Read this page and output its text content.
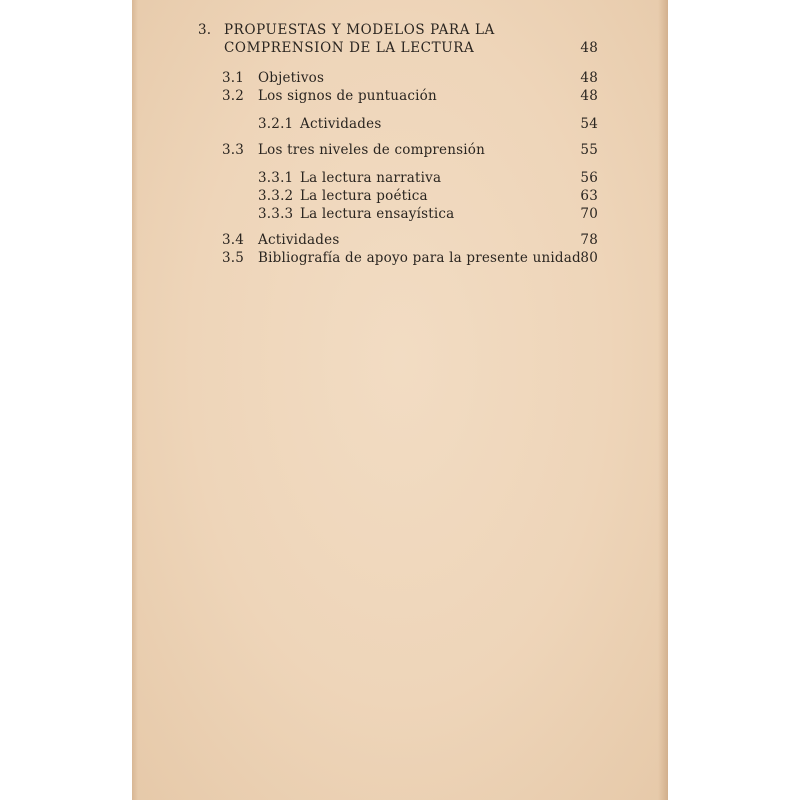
3. PROPUESTAS Y MODELOS PARA LA
COMPRENSION DE LA LECTURA	48
3.1 Objetivos	48
3.2 Los signos de puntuación	48
3.2.1 Actividades	54
3.3 Los tres niveles de comprensión	55
3.3.1 La lectura narrativa	56
3.3.2 La lectura poética	63
3.3.3 La lectura ensayística	70
3.4 Actividades	78
3.5 Bibliografía de apoyo para la presente unidad 80
